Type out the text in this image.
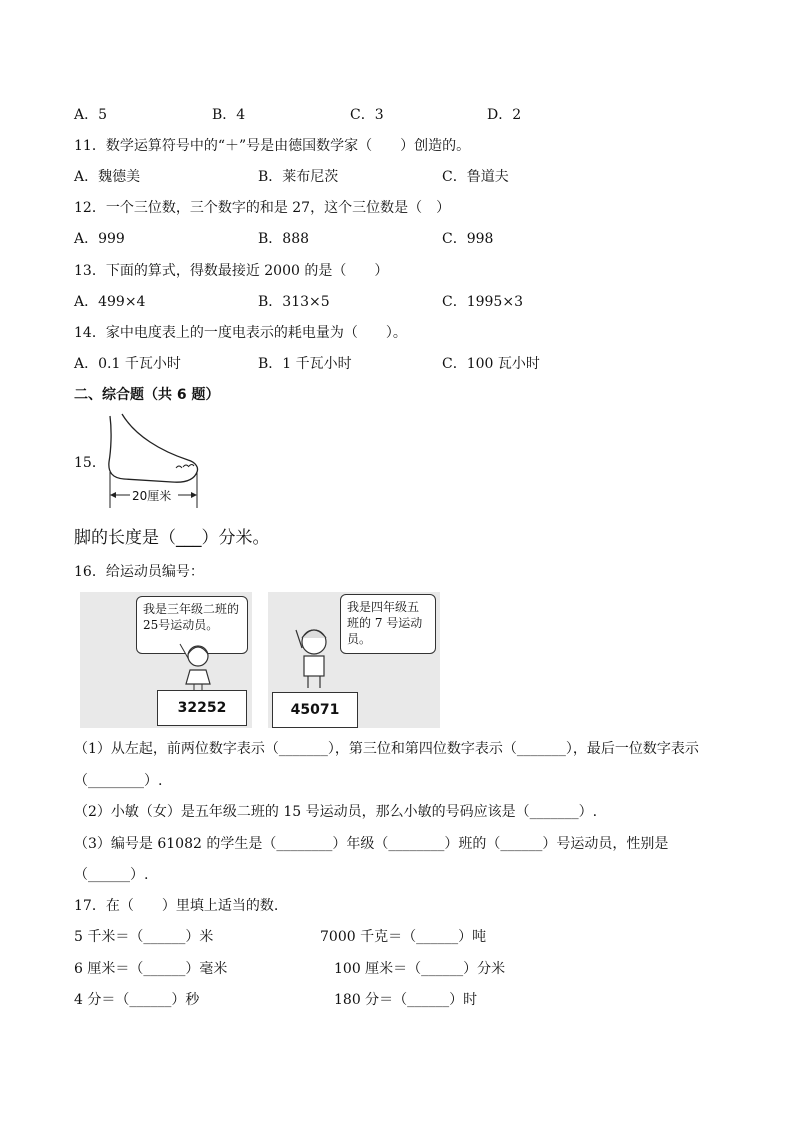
A．5	B．4	C．3	D．2
11．数学运算符号中的“＋”号是由德国数学家（　　）创造的。
A．魏德美	B．莱布尼茨	C．鲁道夫
12．一个三位数，三个数字的和是 27，这个三位数是（　）
A．999	B．888	C．998
13．下面的算式，得数最接近 2000 的是（　　）
A．499×4	B．313×5	C．1995×3
14．家中电度表上的一度电表示的耗电量为（　　）。
A．0.1 千瓦小时	B．1 千瓦小时	C．100 瓦小时
二、综合题（共 6 题）
15．
20厘米
脚的长度是（___）分米。
16．给运动员编号：
我是三年级二班的25号运动员。
32252
我是四年级五班的 7 号运动员。
45071
（1）从左起，前两位数字表示（_______），第三位和第四位数字表示（_______），最后一位数字表示
（________）.
（2）小敏（女）是五年级二班的 15 号运动员，那么小敏的号码应该是（_______）.
（3）编号是 61082 的学生是（________）年级（________）班的（______）号运动员，性别是
（______）.
17．在（　　）里填上适当的数.
5 千米＝（______）米	7000 千克＝（______）吨
6 厘米＝（______）毫米	100 厘米＝（______）分米
4 分＝（______）秒	180 分＝（______）时
